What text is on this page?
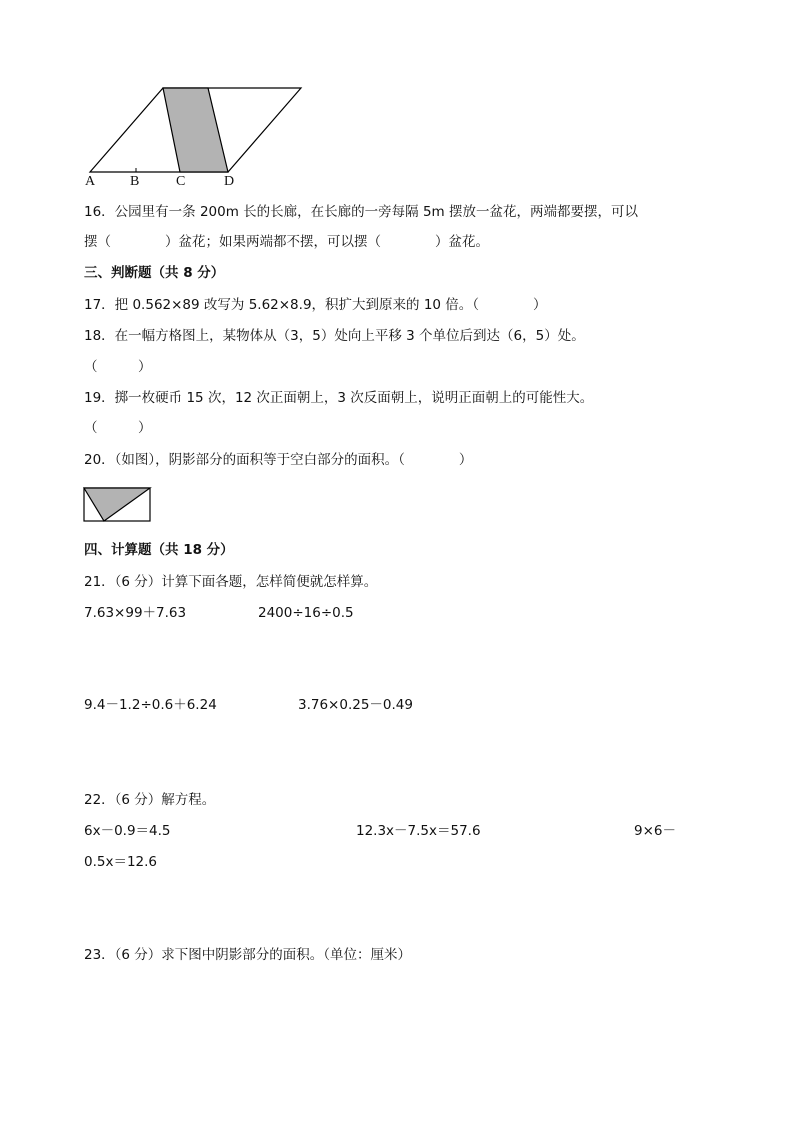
A B	C	D
16．公园里有一条 200m 长的长廊，在长廊的一旁每隔 5m 摆放一盆花，两端都要摆，可以
摆（　　　　）盆花；如果两端都不摆，可以摆（　　　　）盆花。
三、判断题（共 8 分）
17．把 0.562×89 改写为 5.62×8.9，积扩大到原来的 10 倍。（　　　　）
18．在一幅方格图上，某物体从（3，5）处向上平移 3 个单位后到达（6，5）处。
（　　　）
19．掷一枚硬币 15 次，12 次正面朝上，3 次反面朝上，说明正面朝上的可能性大。
（　　　）
20．（如图），阴影部分的面积等于空白部分的面积。（　　　　）
四、计算题（共 18 分）
21．（6 分）计算下面各题，怎样简便就怎样算。
7.63×99＋7.63	2400÷16÷0.5
9.4－1.2÷0.6＋6.24	3.76×0.25－0.49
22．（6 分）解方程。
6x－0.9＝4.5	12.3x－7.5x＝57.6	9×6－
0.5x＝12.6
23．（6 分）求下图中阴影部分的面积。（单位：厘米）
